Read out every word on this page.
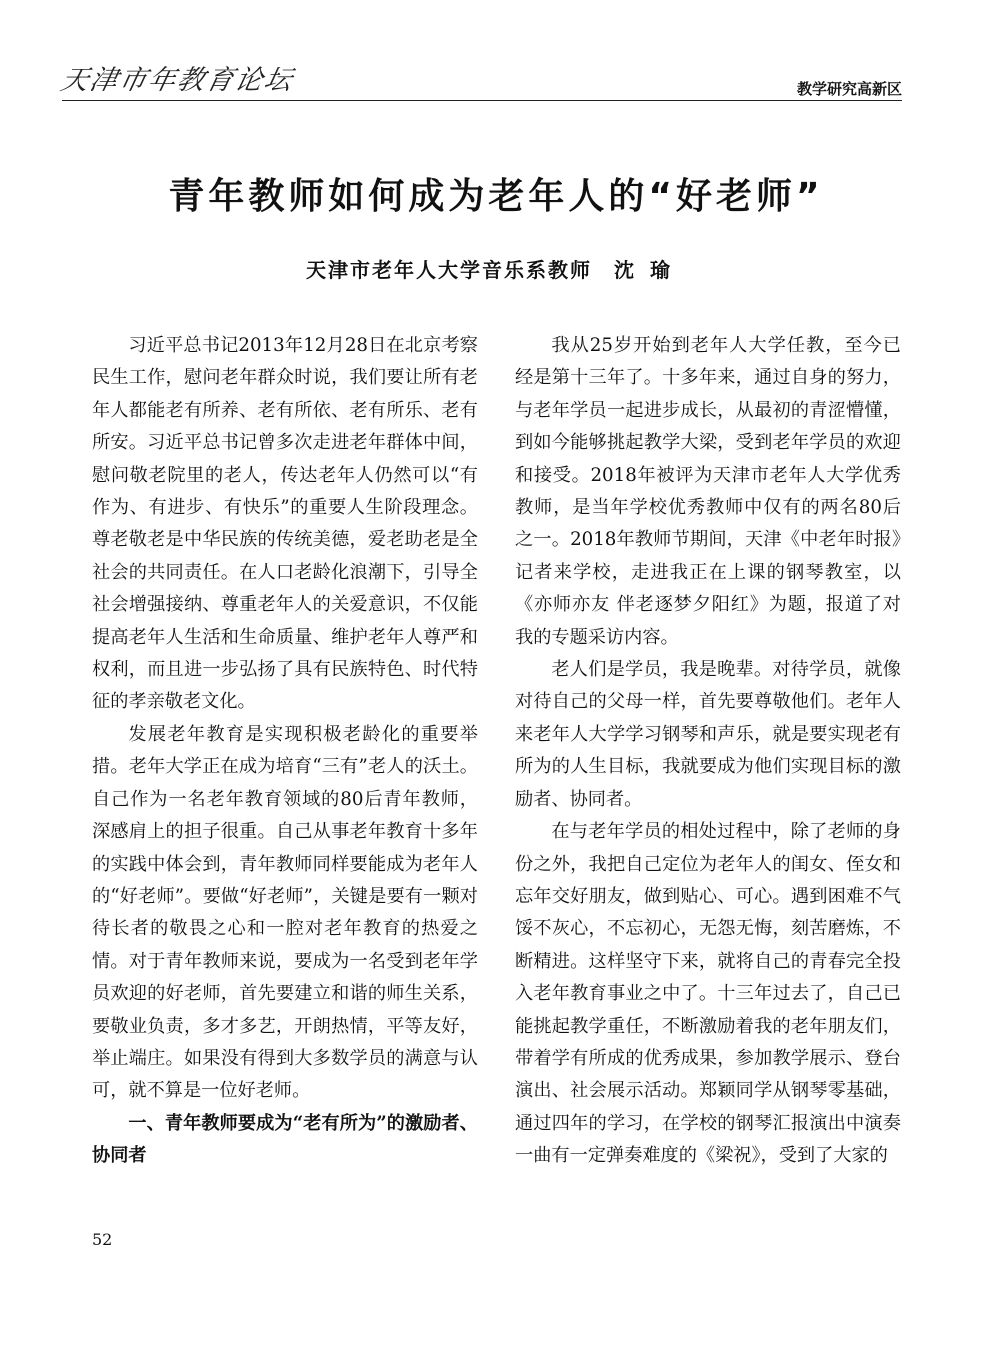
天津市年教育论坛	教学研究高新区
青年教师如何成为老年人的“好老师”
天津市老年人大学音乐系教师 沈瑜

习近平总书记2013年12月28日在北京考察民生工作，慰问老年群众时说，我们要让所有老年人都能老有所养、老有所依、老有所乐、老有所安。习近平总书记曾多次走进老年群体中间，慰问敬老院里的老人，传达老年人仍然可以“有作为、有进步、有快乐”的重要人生阶段理念。尊老敬老是中华民族的传统美德，爱老助老是全社会的共同责任。在人口老龄化浪潮下，引导全社会增强接纳、尊重老年人的关爱意识，不仅能提高老年人生活和生命质量、维护老年人尊严和权利，而且进一步弘扬了具有民族特色、时代特征的孝亲敬老文化。

发展老年教育是实现积极老龄化的重要举措。老年大学正在成为培育“三有”老人的沃土。自己作为一名老年教育领域的80后青年教师，深感肩上的担子很重。自己从事老年教育十多年的实践中体会到，青年教师同样要能成为老年人的“好老师”。要做“好老师”，关键是要有一颗对待长者的敬畏之心和一腔对老年教育的热爱之情。对于青年教师来说，要成为一名受到老年学员欢迎的好老师，首先要建立和谐的师生关系，要敬业负责，多才多艺，开朗热情，平等友好，举止端庄。如果没有得到大多数学员的满意与认可，就不算是一位好老师。

一、青年教师要成为“老有所为”的激励者、协同者

我从25岁开始到老年人大学任教，至今已经是第十三年了。十多年来，通过自身的努力，与老年学员一起进步成长，从最初的青涩懵懂，到如今能够挑起教学大梁，受到老年学员的欢迎和接受。2018年被评为天津市老年人大学优秀教师，是当年学校优秀教师中仅有的两名80后之一。2018年教师节期间，天津《中老年时报》记者来学校，走进我正在上课的钢琴教室，以《亦师亦友 伴老逐梦夕阳红》为题，报道了对我的专题采访内容。

老人们是学员，我是晚辈。对待学员，就像对待自己的父母一样，首先要尊敬他们。老年人来老年人大学学习钢琴和声乐，就是要实现老有所为的人生目标，我就要成为他们实现目标的激励者、协同者。

在与老年学员的相处过程中，除了老师的身份之外，我把自己定位为老年人的闺女、侄女和忘年交好朋友，做到贴心、可心。遇到困难不气馁不灰心，不忘初心，无怨无悔，刻苦磨炼，不断精进。这样坚守下来，就将自己的青春完全投入老年教育事业之中了。十三年过去了，自己已能挑起教学重任，不断激励着我的老年朋友们，带着学有所成的优秀成果，参加教学展示、登台演出、社会展示活动。郑颖同学从钢琴零基础，通过四年的学习，在学校的钢琴汇报演出中演奏一曲有一定弹奏难度的《梁祝》，受到了大家的

52
